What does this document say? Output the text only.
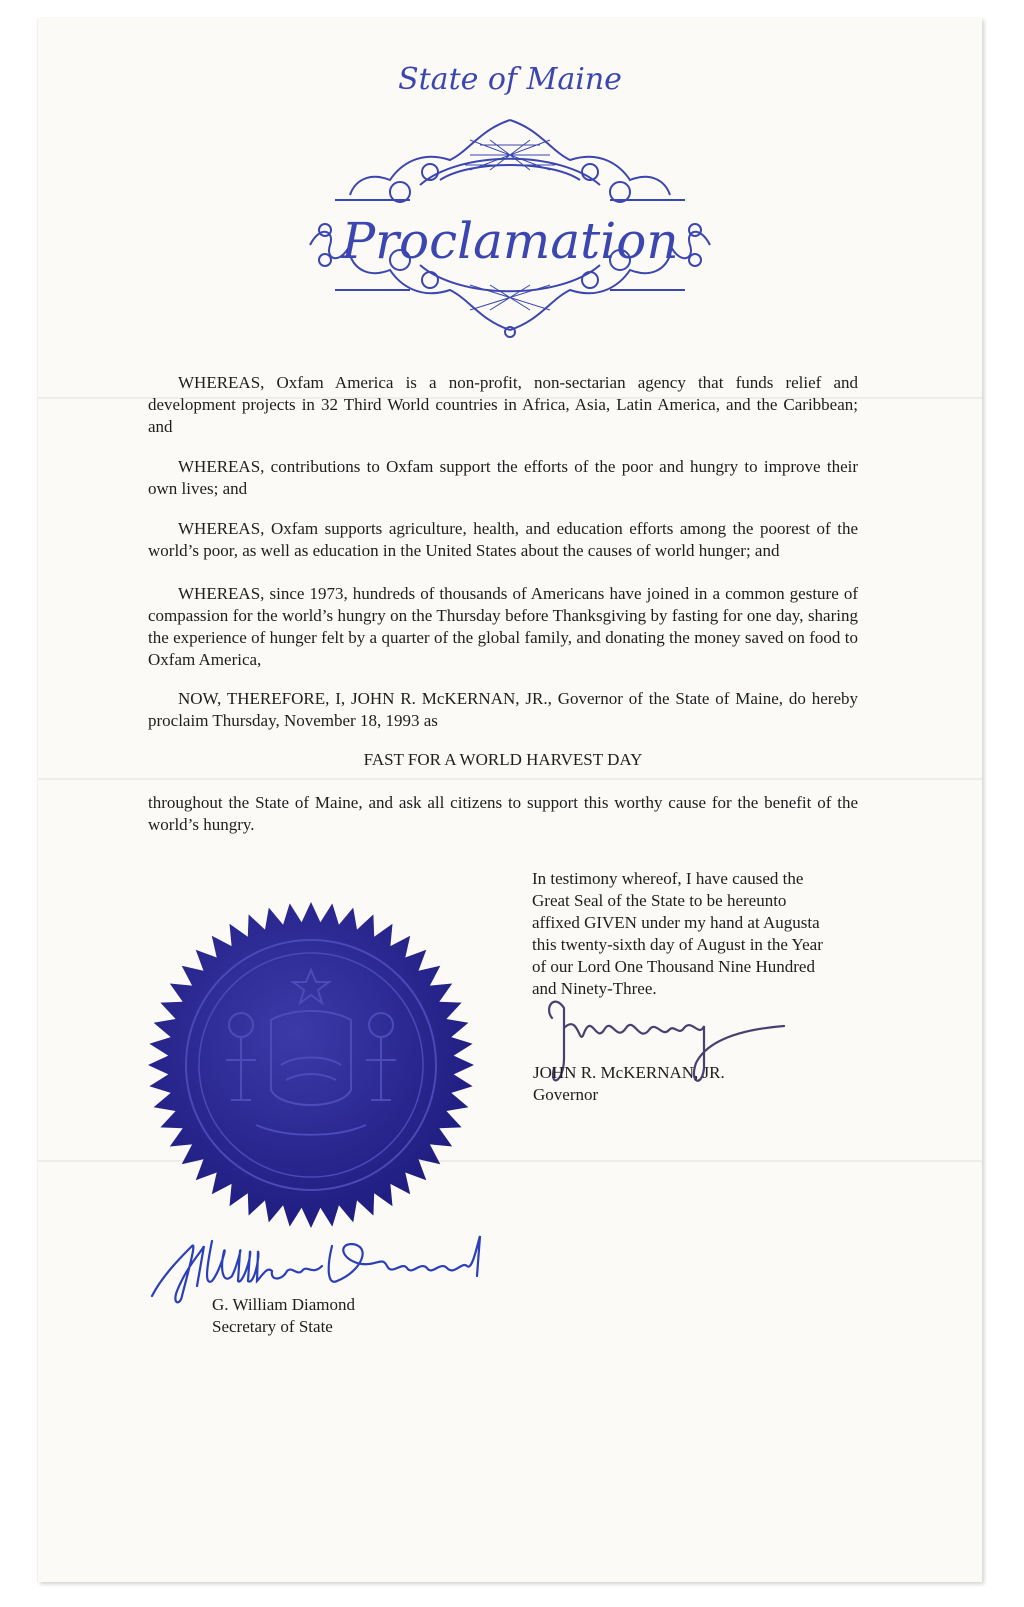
State of Maine
Proclamation
WHEREAS, Oxfam America is a non-profit, non-sectarian agency that funds relief and development projects in 32 Third World countries in Africa, Asia, Latin America, and the Caribbean; and
WHEREAS, contributions to Oxfam support the efforts of the poor and hungry to improve their own lives; and
WHEREAS, Oxfam supports agriculture, health, and education efforts among the poorest of the world’s poor, as well as education in the United States about the causes of world hunger; and
WHEREAS, since 1973, hundreds of thousands of Americans have joined in a common gesture of compassion for the world’s hungry on the Thursday before Thanksgiving by fasting for one day, sharing the experience of hunger felt by a quarter of the global family, and donating the money saved on food to Oxfam America,
NOW, THEREFORE, I, JOHN R. McKERNAN, JR., Governor of the State of Maine, do hereby proclaim Thursday, November 18, 1993 as
FAST FOR A WORLD HARVEST DAY
throughout the State of Maine, and ask all citizens to support this worthy cause for the benefit of the world’s hungry.
In testimony whereof, I have caused the
Great Seal of the State to be hereunto
affixed GIVEN under my hand at Augusta
this twenty-sixth day of August in the Year
of our Lord One Thousand Nine Hundred
and Ninety-Three.
JOHN R. McKERNAN, JR.
Governor
G. William Diamond
Secretary of State
